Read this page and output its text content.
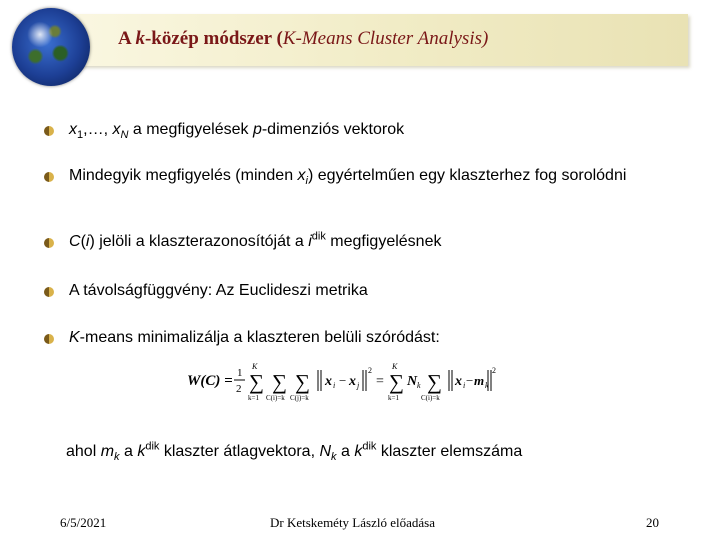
A k-közép módszer (K-Means Cluster Analysis)
$x_1,\dots$, $x_N$ a megfigyelések p-dimenziós vektorok
Mindegyik megfigyelés (minden $x_i$) egyértelműen egy klaszterhez fog sorolódni
C(i) jelöli a klaszterazonosítóját a $i^{dik}$ megfigyelésnek
A távolságfüggvény: Az Euclideszi metrika
K-means minimalizálja a klaszteren belüli szóródást:
W(C) = 1
2
K
∑
k=1
∑
C(i)=k
∑
C(j)=k
x i − x j
2
=
K
∑
k=1
N k ∑
C(i)=k
x i − m k
2
ahol $m_k$ a $k^{dik}$ klaszter átlagvektora, $N_k$ a $k^{dik}$ klaszter elemszáma
6/5/2021	Dr Ketskeméty László előadása	20
